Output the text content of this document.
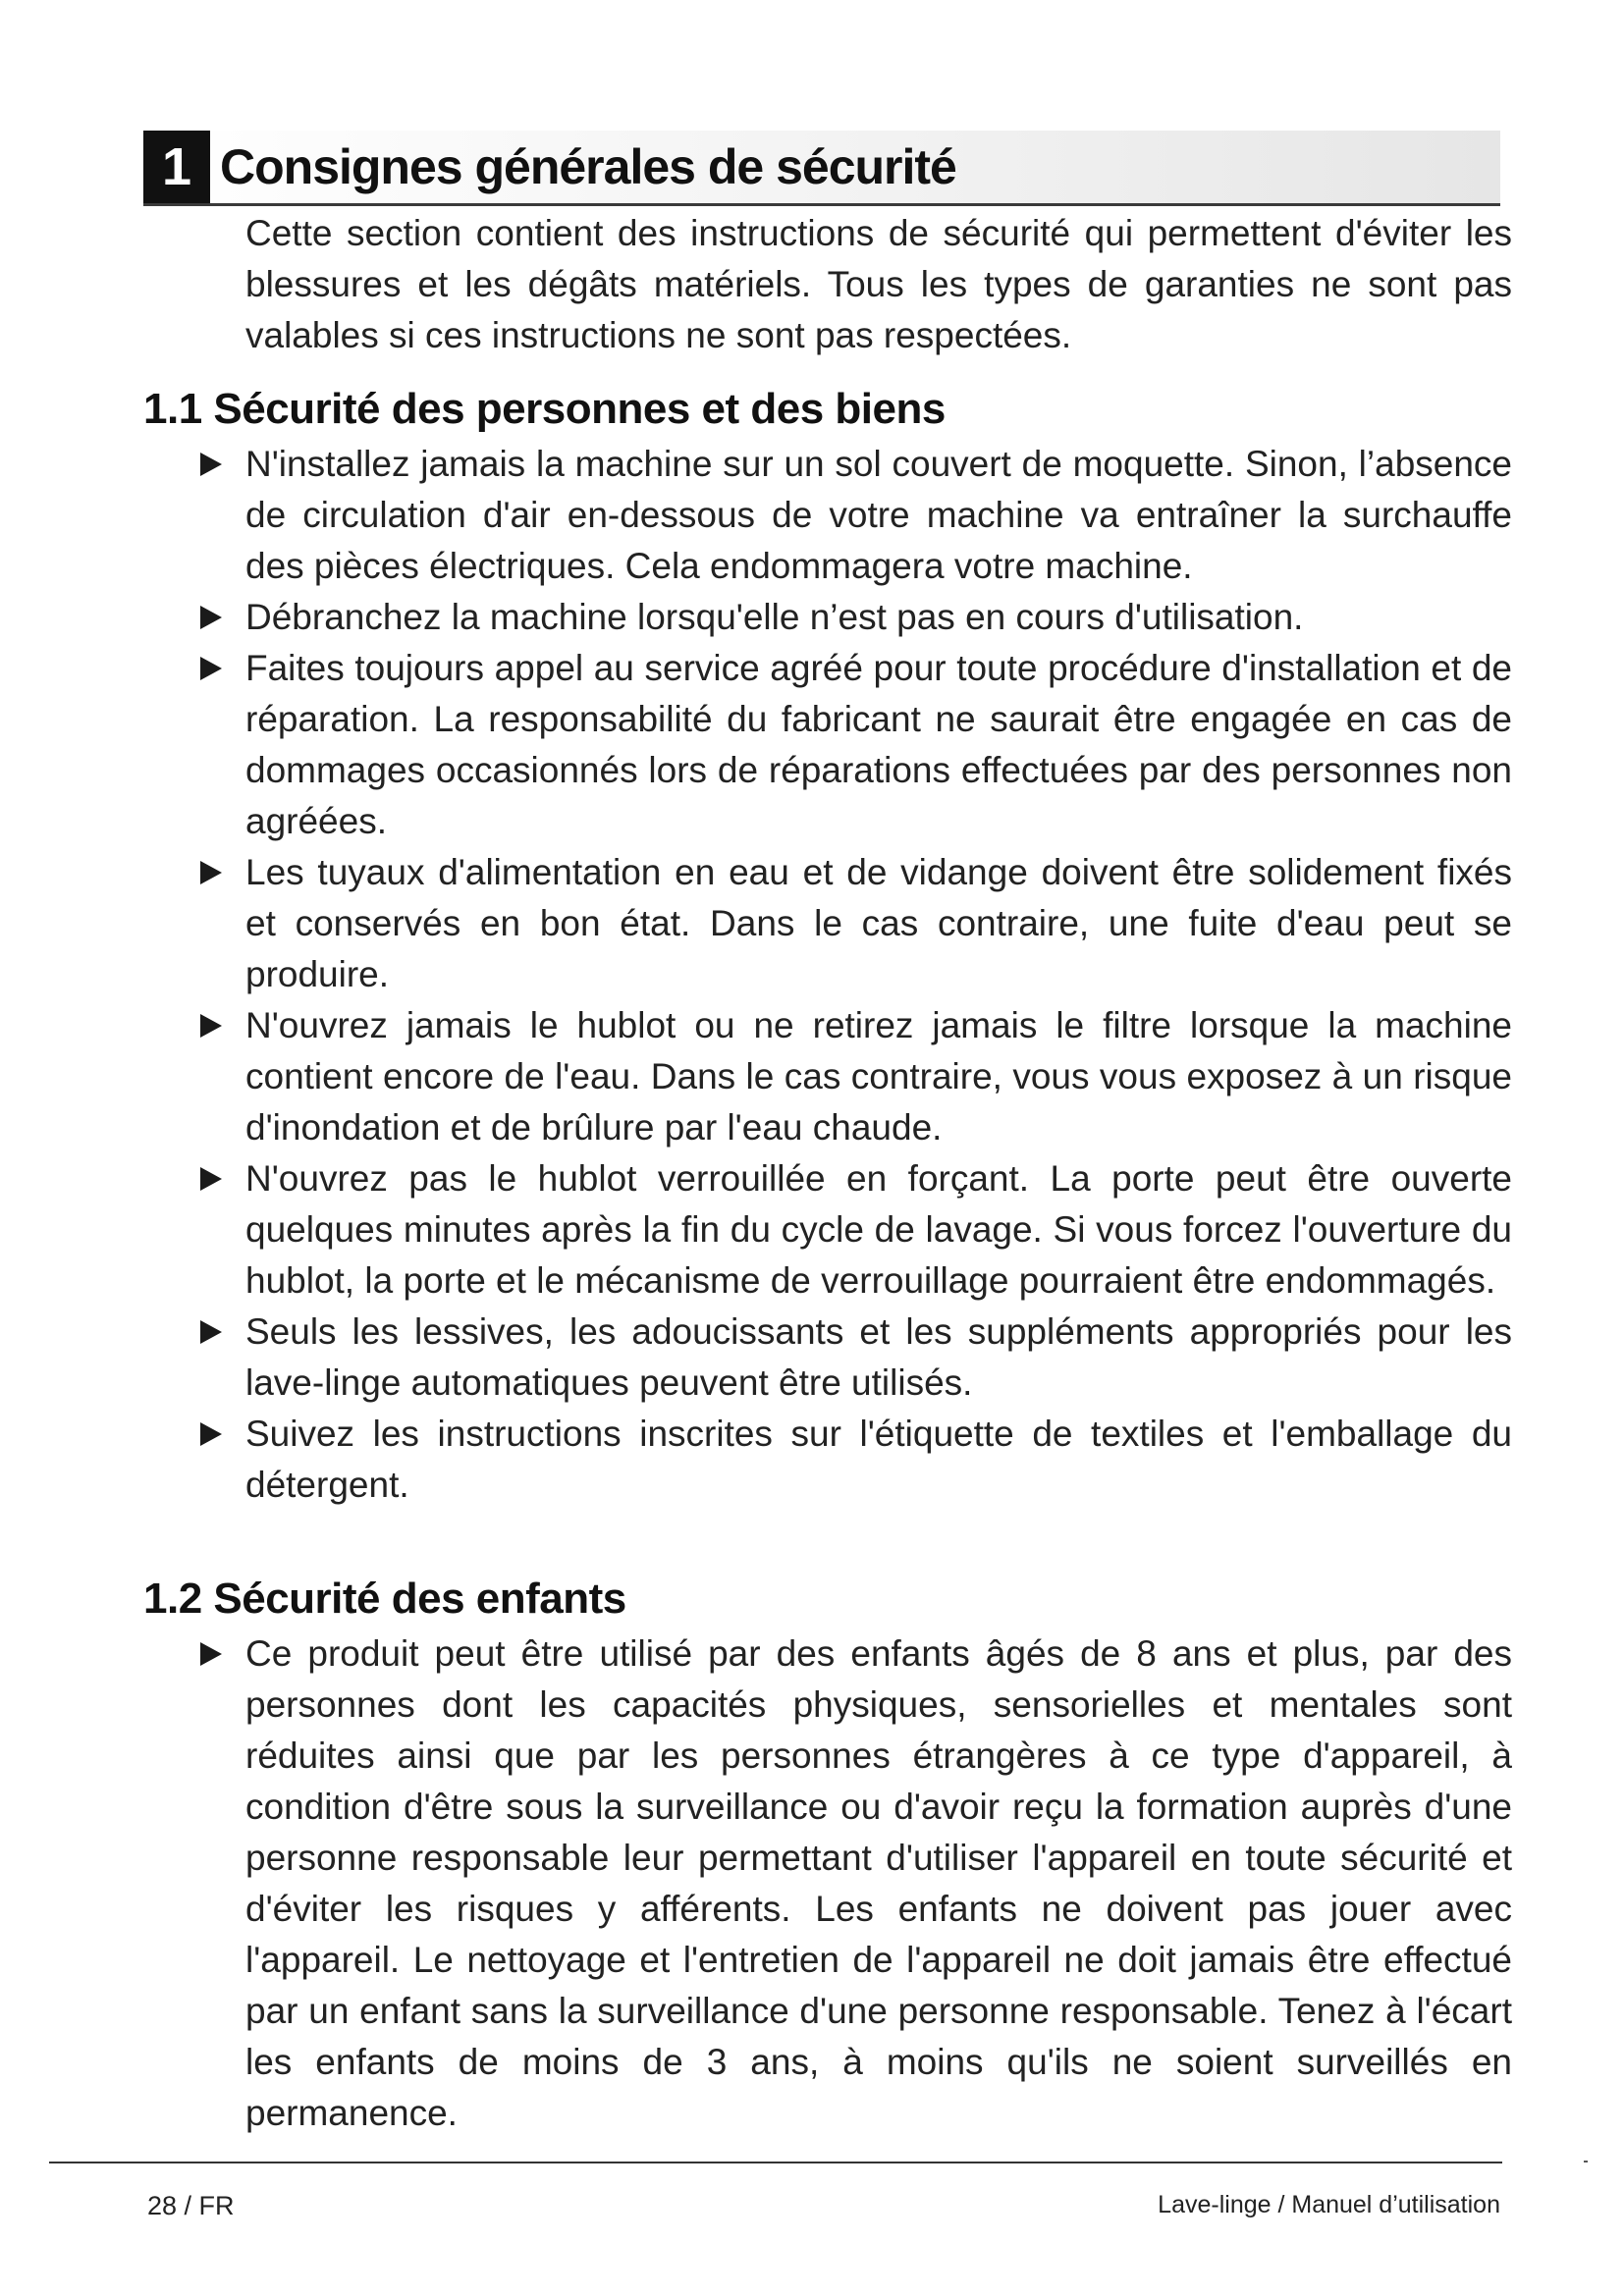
1 Consignes générales de sécurité

Cette section contient des instructions de sécurité qui permettent d'éviter les blessures et les dégâts matériels. Tous les types de garanties ne sont pas valables si ces instructions ne sont pas respectées.

1.1 Sécurité des personnes et des biens
N'installez jamais la machine sur un sol couvert de moquette. Sinon, l’absence de circulation d'air en-dessous de votre machine va entraîner la surchauffe des pièces électriques. Cela endommagera votre machine.
Débranchez la machine lorsqu'elle n’est pas en cours d'utilisation.
Faites toujours appel au service agréé pour toute procédure d'installation et de réparation. La responsabilité du fabricant ne saurait être engagée en cas de dommages occasionnés lors de réparations effectuées par des personnes non agréées.
Les tuyaux d'alimentation en eau et de vidange doivent être solidement fixés et conservés en bon état. Dans le cas contraire, une fuite d'eau peut se produire.
N'ouvrez jamais le hublot ou ne retirez jamais le filtre lorsque la machine contient encore de l'eau. Dans le cas contraire, vous vous exposez à un risque d'inondation et de brûlure par l'eau chaude.
N'ouvrez pas le hublot verrouillée en forçant. La porte peut être ouverte quelques minutes après la fin du cycle de lavage. Si vous forcez l'ouverture du hublot, la porte et le mécanisme de verrouillage pourraient être endommagés.
Seuls les lessives, les adoucissants et les suppléments appropriés pour les lave-linge automatiques peuvent être utilisés.
Suivez les instructions inscrites sur l'étiquette de textiles et l'emballage du détergent.
1.2 Sécurité des enfants
Ce produit peut être utilisé par des enfants âgés de 8 ans et plus, par des personnes dont les capacités physiques, sensorielles et mentales sont réduites ainsi que par les personnes étrangères à ce type d'appareil, à condition d'être sous la surveillance ou d'avoir reçu la formation auprès d'une personne responsable leur permettant d'utiliser l'appareil en toute sécurité et d'éviter les risques y afférents. Les enfants ne doivent pas jouer avec l'appareil. Le nettoyage et l'entretien de l'appareil ne doit jamais être effectué par un enfant sans la surveillance d'une personne responsable. Tenez à l'écart les enfants de moins de 3 ans, à moins qu'ils ne soient surveillés en permanence.
28 / FR	Lave-linge / Manuel d’utilisation
